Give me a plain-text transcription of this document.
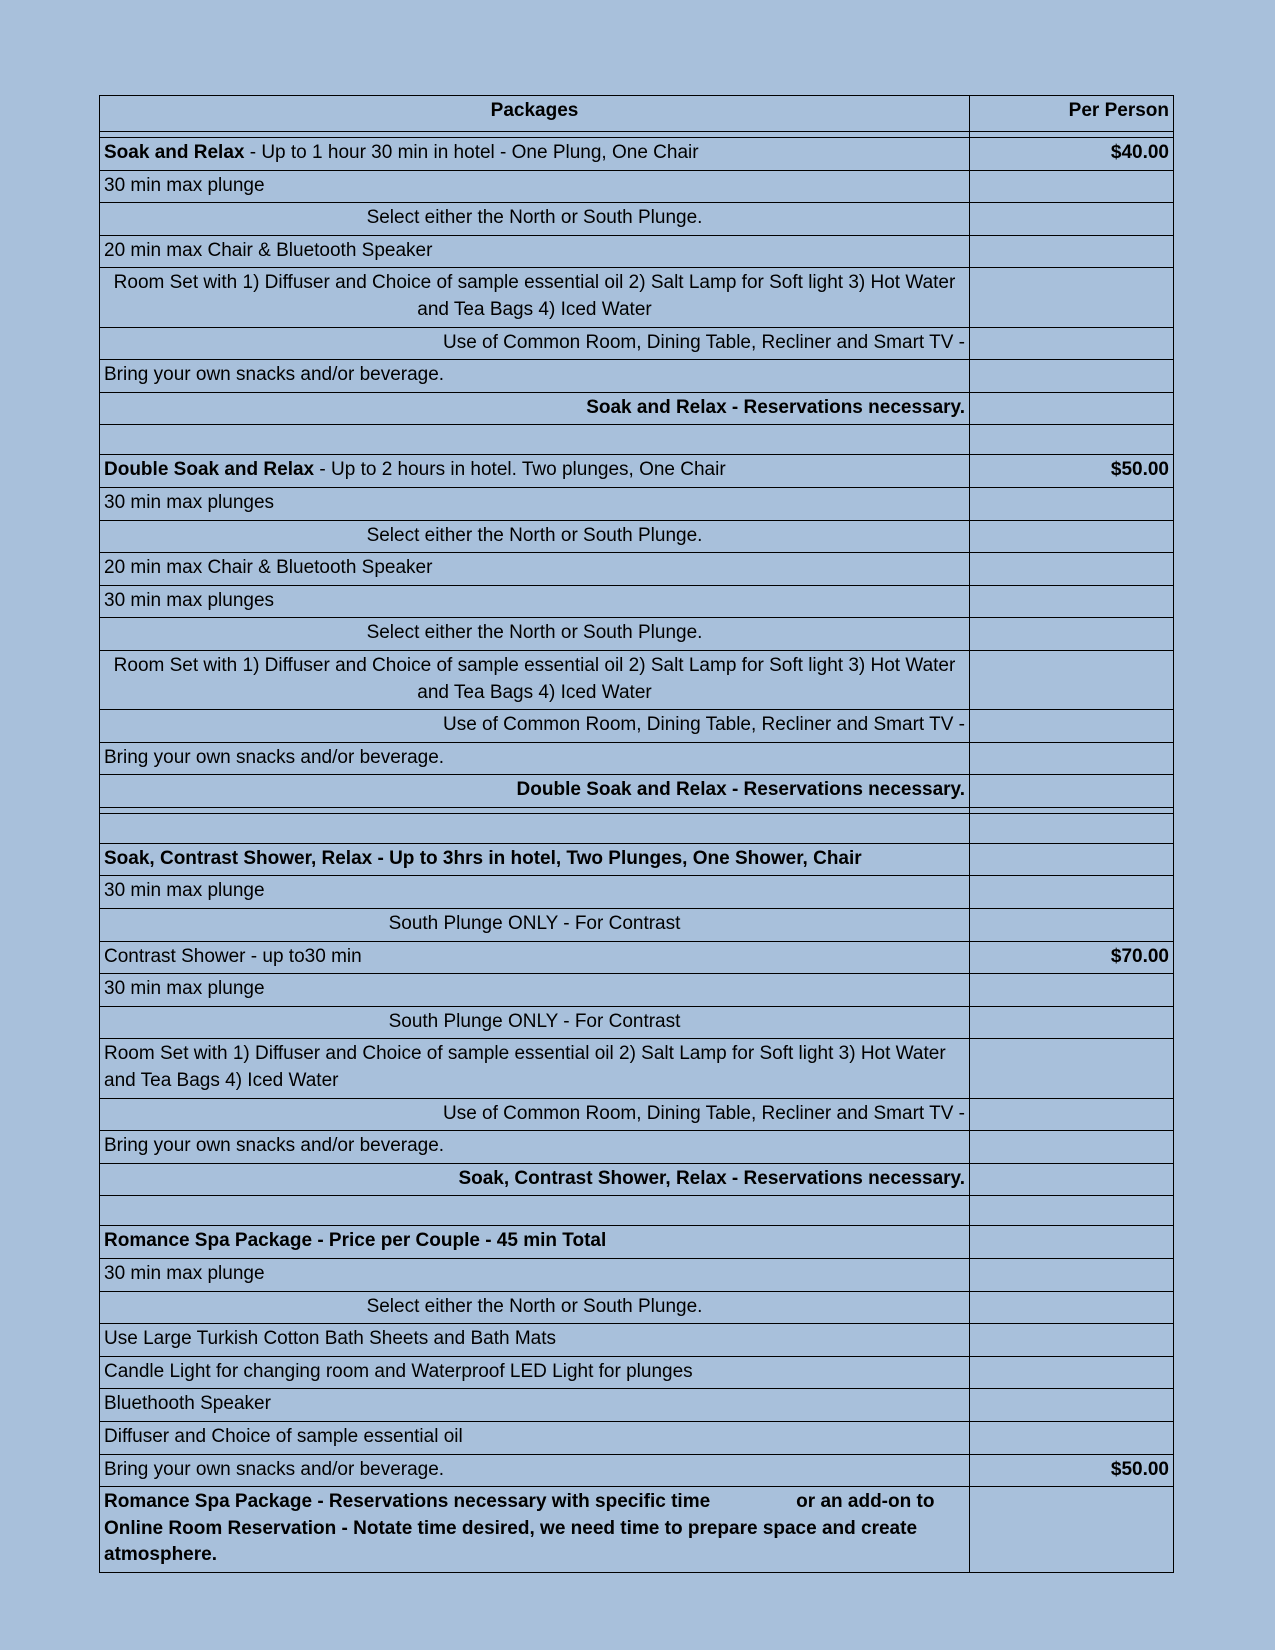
Packages	Per Person

Soak and Relax - Up to 1 hour 30 min in hotel - One Plung, One Chair	$40.00
30 min max plunge	
Select either the North or South Plunge.	
20 min max Chair & Bluetooth Speaker	
Room Set with 1) Diffuser and Choice of sample essential oil 2) Salt Lamp for Soft light 3) Hot Water and Tea Bags 4) Iced Water	
Use of Common Room, Dining Table, Recliner and Smart TV -	
Bring your own snacks and/or beverage.	
Soak and Relax - Reservations necessary.	

Double Soak and Relax - Up to 2 hours in hotel. Two plunges, One Chair	$50.00
30 min max plunges	
Select either the North or South Plunge.	
20 min max Chair & Bluetooth Speaker	
30 min max plunges	
Select either the North or South Plunge.	
Room Set with 1) Diffuser and Choice of sample essential oil 2) Salt Lamp for Soft light 3) Hot Water and Tea Bags 4) Iced Water	
Use of Common Room, Dining Table, Recliner and Smart TV -	
Bring your own snacks and/or beverage.	
Double Soak and Relax - Reservations necessary.	

Soak, Contrast Shower, Relax - Up to 3hrs in hotel, Two Plunges, One Shower, Chair	
30 min max plunge	
South Plunge ONLY - For Contrast	
Contrast Shower - up to30 min	$70.00
30 min max plunge	
South Plunge ONLY - For Contrast	
Room Set with 1) Diffuser and Choice of sample essential oil 2) Salt Lamp for Soft light 3) Hot Water and Tea Bags 4) Iced Water	
Use of Common Room, Dining Table, Recliner and Smart TV -	
Bring your own snacks and/or beverage.	
Soak, Contrast Shower, Relax - Reservations necessary.	

Romance Spa Package - Price per Couple - 45 min Total	
30 min max plunge	
Select either the North or South Plunge.	
Use Large Turkish Cotton Bath Sheets and Bath Mats	
Candle Light for changing room and Waterproof LED Light for plunges	
Bluethooth Speaker	
Diffuser and Choice of sample essential oil	
Bring your own snacks and/or beverage.	$50.00
Romance Spa Package - Reservations necessary with specific time or an add-on to Online Room Reservation - Notate time desired, we need time to prepare space and create atmosphere.	
